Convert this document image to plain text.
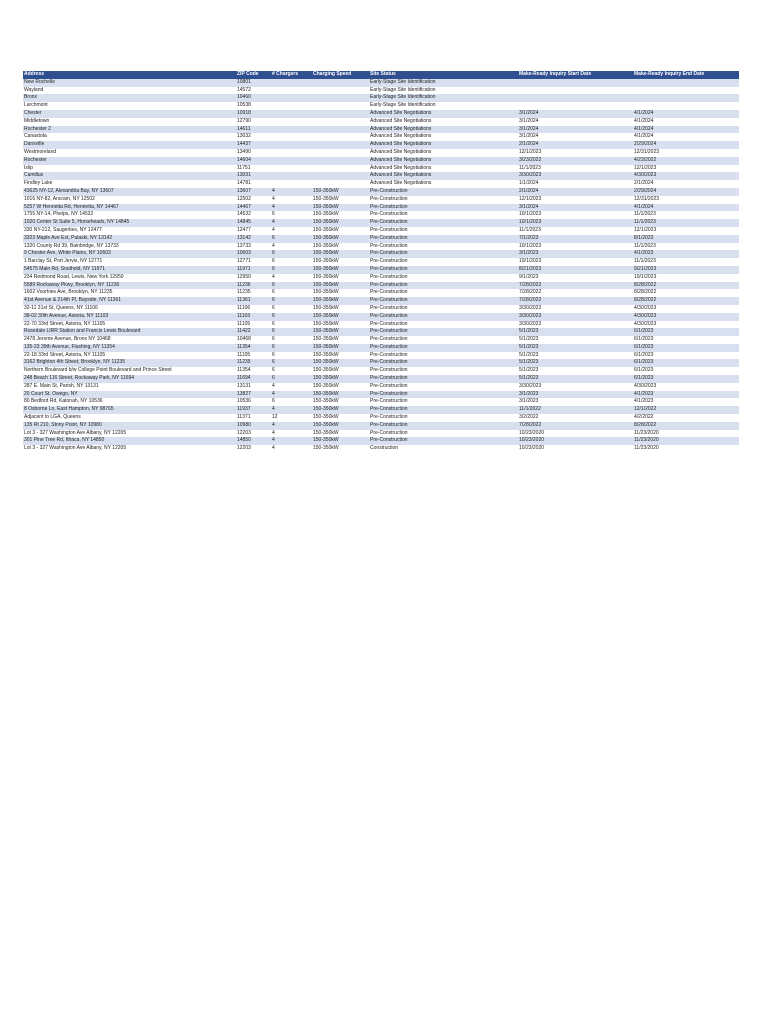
Address	ZIP Code	# Chargers	Charging Speed	Site Status	Make-Ready Inquiry Start Date	Make-Ready Inquiry End Date
New Rochelle	10801			Early-Stage Site Identification		
Wayland	14572			Early-Stage Site Identification		
Bronx	10460			Early-Stage Site Identification		
Larchmont	10538			Early-Stage Site Identification		
Chester	10918			Advanced Site Negotiations	3/1/2024	4/1/2024
Middletown	12790			Advanced Site Negotiations	3/1/2024	4/1/2024
Rochester 2	14611			Advanced Site Negotiations	3/1/2024	4/1/2024
Canastota	13032			Advanced Site Negotiations	3/1/2024	4/1/2024
Dansville	14437			Advanced Site Negotiations	2/1/2024	2/29/2024
Westmoreland	13490			Advanced Site Negotiations	12/1/2023	12/31/2023
Rochester	14604			Advanced Site Negotiations	3/23/2022	4/23/2022
Islip	11751			Advanced Site Negotiations	11/1/2023	12/1/2023
Camillus	13031			Advanced Site Negotiations	3/30/2023	4/30/2023
Findley Lake	14781			Advanced Site Negotiations	1/1/2024	2/1/2024
43625 NY-12, Alexandria Bay, NY 13607	13607	4	150-350kW	Pre-Construction	2/1/2024	2/29/2024
1016 NY-82, Ancram, NY 12502	12502	4	150-350kW	Pre-Construction	12/1/2023	12/31/2023
5257 W Henrietta Rd, Henrietta, NY 14467	14467	4	150-350kW	Pre-Construction	3/1/2024	4/1/2024
1755 NY-14, Phelps, NY 14532	14532	6	150-350kW	Pre-Construction	10/1/2023	11/1/2023
1020 Center St Suite 5, Horseheads, NY 14845	14845	4	150-350kW	Pre-Construction	10/1/2023	11/1/2023
330 NY-212, Saugerties, NY 12477	12477	4	150-350kW	Pre-Construction	11/1/2023	12/1/2023
3323 Maple Ave Ext, Pulaski, NY 13142	13142	6	150-350kW	Pre-Construction	7/1/2023	8/1/2023
1320 County Rd 39, Bainbridge, NY 13733	13733	4	150-350kW	Pre-Construction	10/1/2023	11/1/2023
9 Chester Ave, White Plains, NY 10603	10603	6	150-350kW	Pre-Construction	3/1/2023	4/1/2023
1 Barclay St, Port Jervis, NY 12771	12771	6	150-350kW	Pre-Construction	10/1/2023	11/1/2023
54575 Main Rd, Southold, NY 11971	11971	6	150-350kW	Pre-Construction	8/21/2023	9/21/2023
234 Redmond Road, Lewis, New York 12950	12950	4	150-350kW	Pre-Construction	9/1/2023	10/1/2023
5589 Rockaway Pkwy, Brooklyn, NY 11236	11236	6	150-350kW	Pre-Construction	7/28/2022	8/28/2022
1602 Voorhies Ave, Brooklyn, NY 11235	11235	6	150-350kW	Pre-Construction	7/28/2022	8/28/2022
41st Avenue & 214th Pl, Bayside, NY 11361	11361	6	150-350kW	Pre-Construction	7/28/2022	8/28/2022
32-11 31st St, Queens, NY 11106	11106	6	150-350kW	Pre-Construction	3/30/2023	4/30/2023
38-02 30th Avenue, Astoria, NY 11103	11103	6	150-350kW	Pre-Construction	3/30/2023	4/30/2023
22-70 33rd Street, Astoria, NY 11105	11105	6	150-350kW	Pre-Construction	3/30/2023	4/30/2023
Rosedale LIRR Station and Francis Lewis Boulevard	11422	6	150-350kW	Pre-Construction	5/1/2023	6/1/2023
2478 Jerome Avenue, Bronx NY 10468	10468	6	150-350kW	Pre-Construction	5/1/2023	6/1/2023
135-23 39th Avenue, Flushing, NY 11354	11354	6	150-350kW	Pre-Construction	5/1/2023	6/1/2023
22-18 33rd Street, Astoria, NY 11105	11105	6	150-350kW	Pre-Construction	5/1/2023	6/1/2023
3162 Brighton 4th Street, Brooklyn, NY 11235	11235	6	150-350kW	Pre-Construction	5/1/2023	6/1/2023
Northern Boulevard b/w College Point Boulevard and Prince Street	11354	6	150-350kW	Pre-Construction	5/1/2023	6/1/2023
248 Beach 116 Street, Rockaway Park, NY 11694	11694	6	150-350kW	Pre-Construction	5/1/2023	6/1/2023
287 E. Main St, Parish, NY 13131	13131	4	150-350kW	Pre-Construction	3/30/2023	4/30/2023
20 Court St, Owego, NY	13827	4	150-350kW	Pre-Construction	3/1/2023	4/1/2023
80 Bedford Rd, Katonah, NY 10536	10536	6	150-350kW	Pre-Construction	3/1/2023	4/1/2023
8 Osborne Ln, East Hampton, NY 98765	11937	4	150-350kW	Pre-Construction	11/1/2022	12/1/2022
Adjacent to LGA, Queens	11371	12	150-350kW	Pre-Construction	3/2/2022	4/2/2022
135 Rt 210, Stony Point, NY 10980	10980	4	150-350kW	Pre-Construction	7/28/2022	8/28/2022
Lot 3 - 327 Washington Ave Albany, NY 12205	12203	4	150-350kW	Pre-Construction	10/23/2020	11/23/2020
301 Pine Tree Rd, Ithaca, NY 14850	14850	4	150-350kW	Pre-Construction	10/23/2020	11/23/2020
Lot 3 - 327 Washington Ave Albany, NY 12205	12203	4	150-350kW	Construction	10/23/2020	11/23/2020
